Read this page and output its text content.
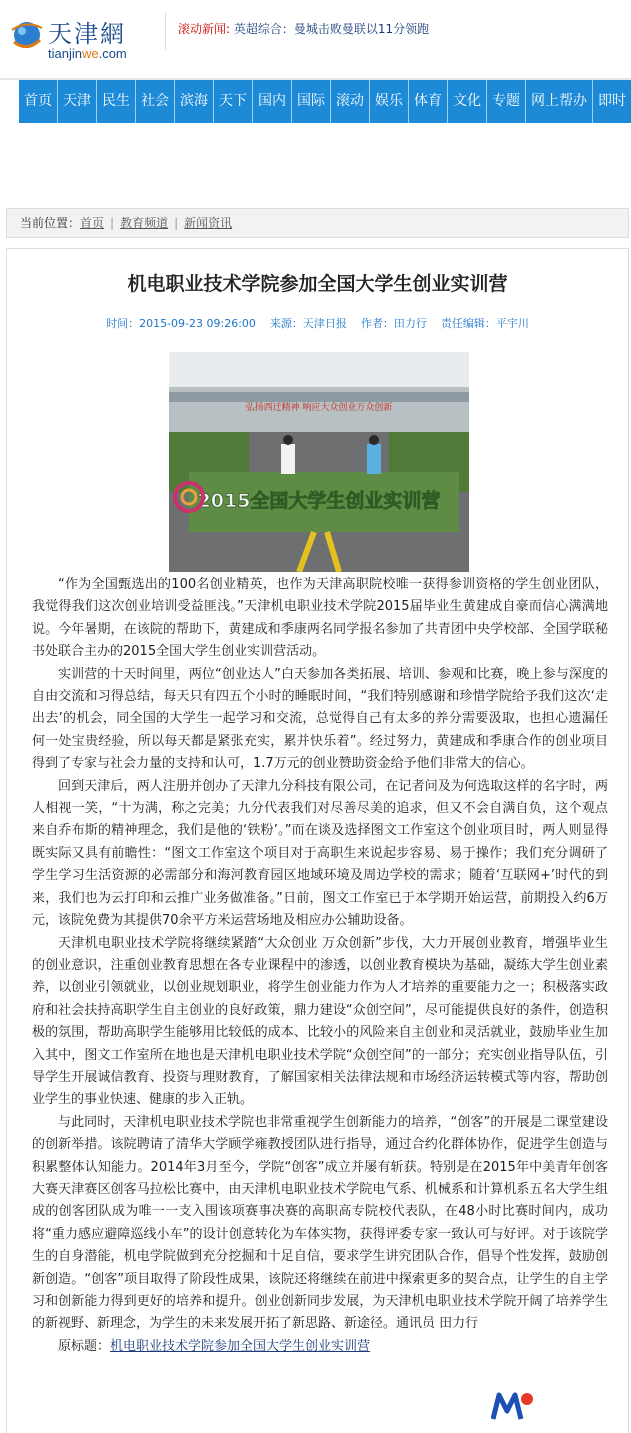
天津網
tianjinwe.com
滚动新闻: 英超综合：曼城击败曼联以11分领跑
首页 天津 民生 社会 滨海 天下 国内 国际 滚动 娱乐 体育 文化 专题 网上帮办 即时
当前位置：首页 | 教育频道 | 新闻资讯
机电职业技术学院参加全国大学生创业实训营
时间：2015-09-23 09:26:00 来源：天津日报 作者：田力行 责任编辑：平宇川
2015全国大学生创业实训营
弘扬西迁精神 响应大众创业万众创新

“作为全国甄选出的100名创业精英，也作为天津高职院校唯一获得参训资格的学生创业团队，我觉得我们这次创业培训受益匪浅。”天津机电职业技术学院2015届毕业生黄建成自豪而信心满满地说。今年暑期，在该院的帮助下，黄建成和季康两名同学报名参加了共青团中央学校部、全国学联秘书处联合主办的2015全国大学生创业实训营活动。

实训营的十天时间里，两位“创业达人”白天参加各类拓展、培训、参观和比赛，晚上参与深度的自由交流和习得总结，每天只有四五个小时的睡眠时间，“我们特别感谢和珍惜学院给予我们这次‘走出去’的机会，同全国的大学生一起学习和交流，总觉得自己有太多的养分需要汲取，也担心遗漏任何一处宝贵经验，所以每天都是紧张充实，累并快乐着”。经过努力，黄建成和季康合作的创业项目得到了专家与社会力量的支持和认可，1.7万元的创业赞助资金给予他们非常大的信心。

回到天津后，两人注册并创办了天津九分科技有限公司，在记者问及为何选取这样的名字时，两人相视一笑，“十为满，称之完美；九分代表我们对尽善尽美的追求，但又不会自满自负，这个观点来自乔布斯的精神理念，我们是他的‘铁粉’。”而在谈及选择图文工作室这个创业项目时，两人则显得既实际又具有前瞻性：“图文工作室这个项目对于高职生来说起步容易、易于操作；我们充分调研了学生学习生活资源的必需部分和海河教育园区地域环境及周边学校的需求；随着‘互联网+’时代的到来，我们也为云打印和云推广业务做准备。”日前，图文工作室已于本学期开始运营，前期投入约6万元，该院免费为其提供70余平方米运营场地及相应办公辅助设备。

天津机电职业技术学院将继续紧踏“大众创业 万众创新”步伐，大力开展创业教育，增强毕业生的创业意识，注重创业教育思想在各专业课程中的渗透，以创业教育模块为基础，凝练大学生创业素养，以创业引领就业，以创业规划职业，将学生创业能力作为人才培养的重要能力之一；积极落实政府和社会扶持高职学生自主创业的良好政策，鼎力建设“众创空间”，尽可能提供良好的条件，创造积极的氛围，帮助高职学生能够用比较低的成本、比较小的风险来自主创业和灵活就业，鼓励毕业生加入其中，图文工作室所在地也是天津机电职业技术学院“众创空间”的一部分；充实创业指导队伍，引导学生开展诚信教育、投资与理财教育，了解国家相关法律法规和市场经济运转模式等内容，帮助创业学生的事业快速、健康的步入正轨。

与此同时，天津机电职业技术学院也非常重视学生创新能力的培养，“创客”的开展是二课堂建设的创新举措。该院聘请了清华大学顾学雍教授团队进行指导，通过合约化群体协作，促进学生创造与积累整体认知能力。2014年3月至今，学院“创客”成立并屡有斩获。特别是在2015年中美青年创客大赛天津赛区创客马拉松比赛中，由天津机电职业技术学院电气系、机械系和计算机系五名大学生组成的创客团队成为唯一一支入围该项赛事决赛的高职高专院校代表队，在48小时比赛时间内，成功将“重力感应避障巡线小车”的设计创意转化为车体实物，获得评委专家一致认可与好评。对于该院学生的自身潜能，机电学院做到充分挖掘和十足自信，要求学生讲究团队合作，倡导个性发挥，鼓励创新创造。“创客”项目取得了阶段性成果，该院还将继续在前进中探索更多的契合点，让学生的自主学习和创新能力得到更好的培养和提升。创业创新同步发展，为天津机电职业技术学院开阔了培养学生的新视野、新理念，为学生的未来发展开拓了新思路、新途径。通讯员 田力行

原标题：机电职业技术学院参加全国大学生创业实训营
